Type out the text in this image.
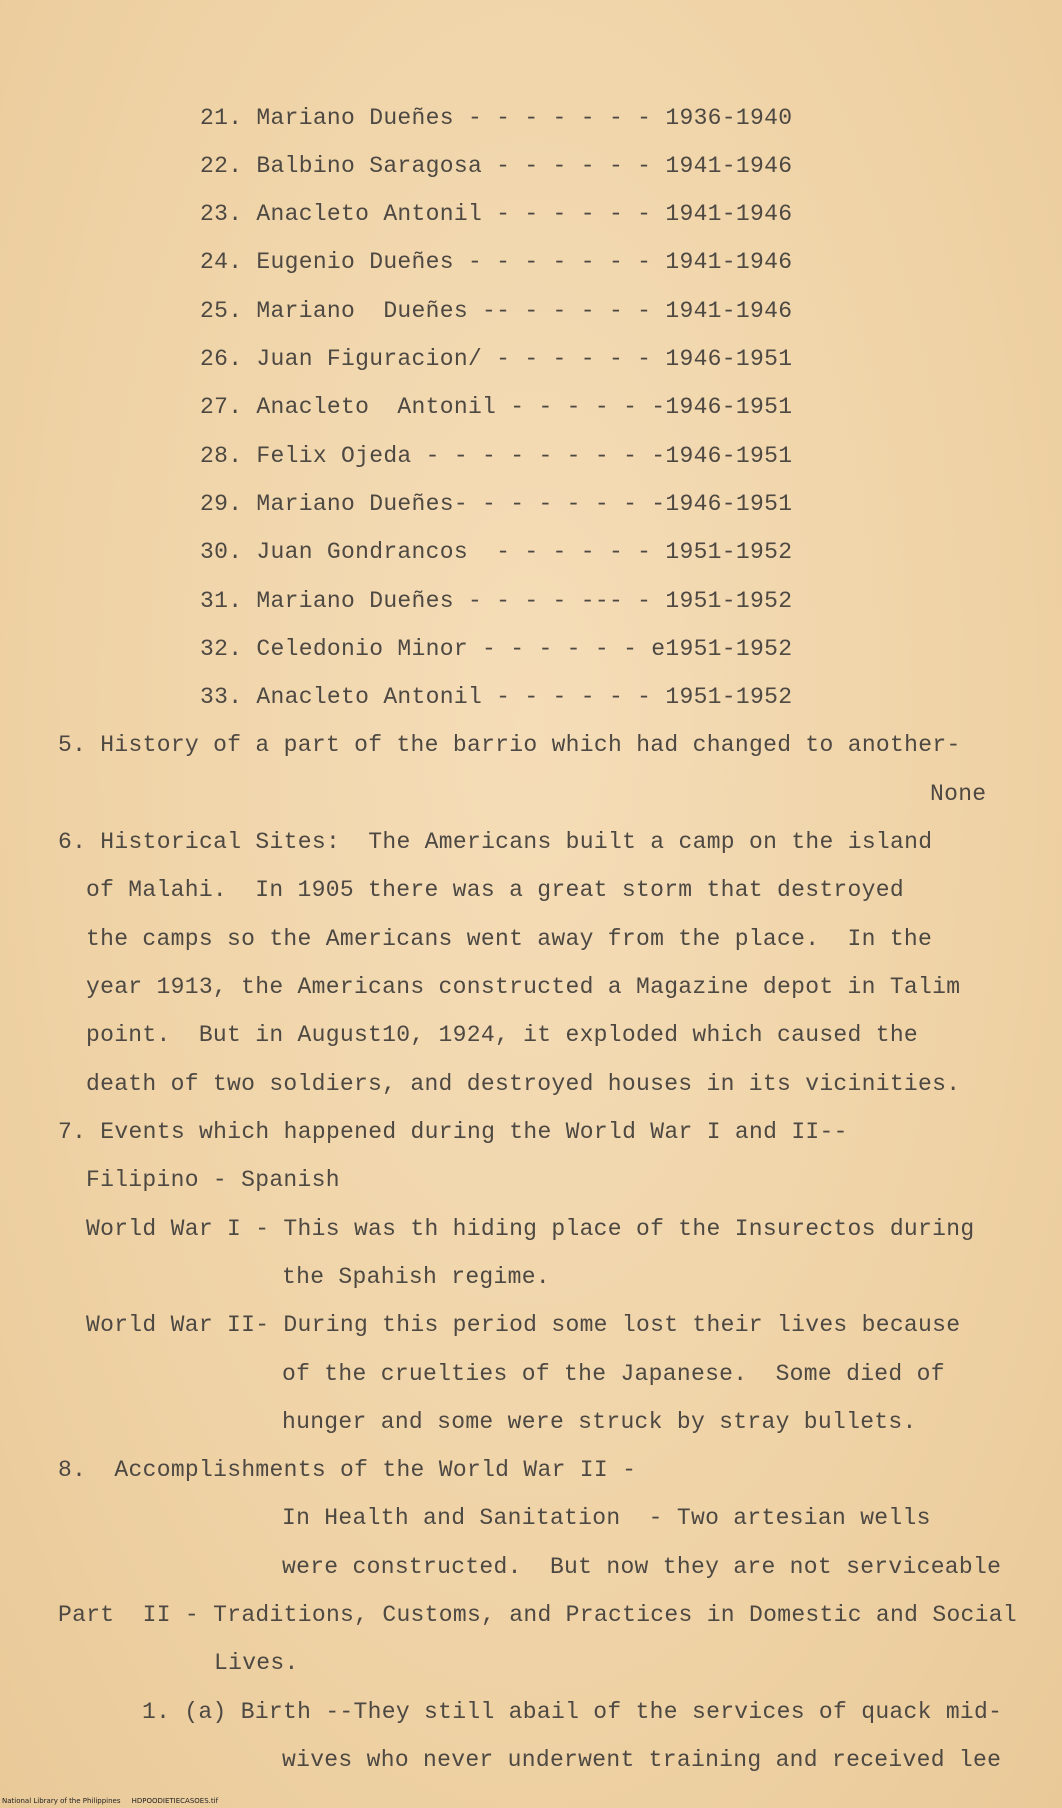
21. Mariano Dueñes - - - - - - - 1936-1940
22. Balbino Saragosa - - - - - - 1941-1946
23. Anacleto Antonil - - - - - - 1941-1946
24. Eugenio Dueñes - - - - - - - 1941-1946
25. Mariano  Dueñes -- - - - - - 1941-1946
26. Juan Figuracion/ - - - - - - 1946-1951
27. Anacleto  Antonil - - - - - -1946-1951
28. Felix Ojeda - - - - - - - - -1946-1951
29. Mariano Dueñes- - - - - - - -1946-1951
30. Juan Gondrancos  - - - - - - 1951-1952
31. Mariano Dueñes - - - - --- - 1951-1952
32. Celedonio Minor - - - - - - e1951-1952
33. Anacleto Antonil - - - - - - 1951-1952
5. History of a part of the barrio which had changed to another-
None
6. Historical Sites:  The Americans built a camp on the island
of Malahi.  In 1905 there was a great storm that destroyed
the camps so the Americans went away from the place.  In the
year 1913, the Americans constructed a Magazine depot in Talim
point.  But in August10, 1924, it exploded which caused the
death of two soldiers, and destroyed houses in its vicinities.
7. Events which happened during the World War I and II--
Filipino - Spanish
World War I - This was th hiding place of the Insurectos during
the Spahish regime.
World War II- During this period some lost their lives because
of the cruelties of the Japanese.  Some died of
hunger and some were struck by stray bullets.
8.  Accomplishments of the World War II -
In Health and Sanitation  - Two artesian wells
were constructed.  But now they are not serviceable
Part  II - Traditions, Customs, and Practices in Domestic and Social
Lives.
1. (a) Birth --They still abail of the services of quack mid-
wives who never underwent training and received lee
National Library of the Philippines     HDPOODIETIECASOES.tif
